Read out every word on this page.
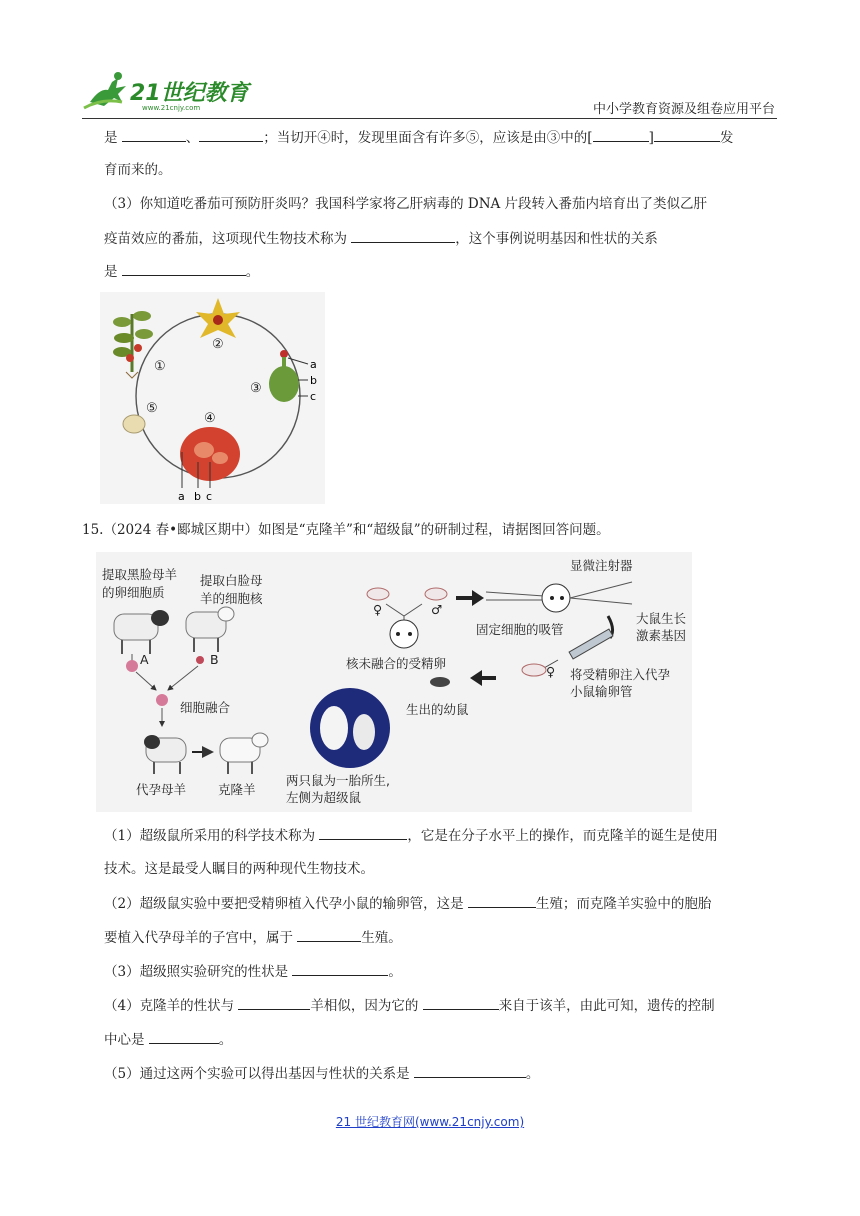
21世纪教育
www.21cnjy.com	中小学教育资源及组卷应用平台
是	、	；当切开④时，发现里面含有许多⑤，应该是由③中的[	]	发
育而来的。
（3）你知道吃番茄可预防肝炎吗？我国科学家将乙肝病毒的 DNA 片段转入番茄内培育出了类似乙肝
疫苗效应的番茄，这项现代生物技术称为	，这个事例说明基因和性状的关系
是	。
①
②
③
④
⑤
a
b
c
a b c
15.（2024 春•郾城区期中）如图是“克隆羊”和“超级鼠”的研制过程，请据图回答问题。
提取黑脸母羊
的卵细胞质
提取白脸母
羊的细胞核
A	B
细胞融合
代孕母羊	克隆羊
♀	♂
核未融合的受精卵
固定细胞的吸管
显微注射器
大鼠生长
激素基因
♀ 将受精卵注入代孕
小鼠输卵管
生出的幼鼠
两只鼠为一胎所生,
左侧为超级鼠
（1）超级鼠所采用的科学技术称为	，它是在分子水平上的操作，而克隆羊的诞生是使用
技术。这是最受人瞩目的两种现代生物技术。
（2）超级鼠实验中要把受精卵植入代孕小鼠的输卵管，这是	生殖；而克隆羊实验中的胞胎
要植入代孕母羊的子宫中，属于	生殖。
（3）超级照实验研究的性状是	。
（4）克隆羊的性状与	羊相似，因为它的	来自于该羊，由此可知，遗传的控制
中心是	。
（5）通过这两个实验可以得出基因与性状的关系是	。
21 世纪教育网(www.21cnjy.com)
